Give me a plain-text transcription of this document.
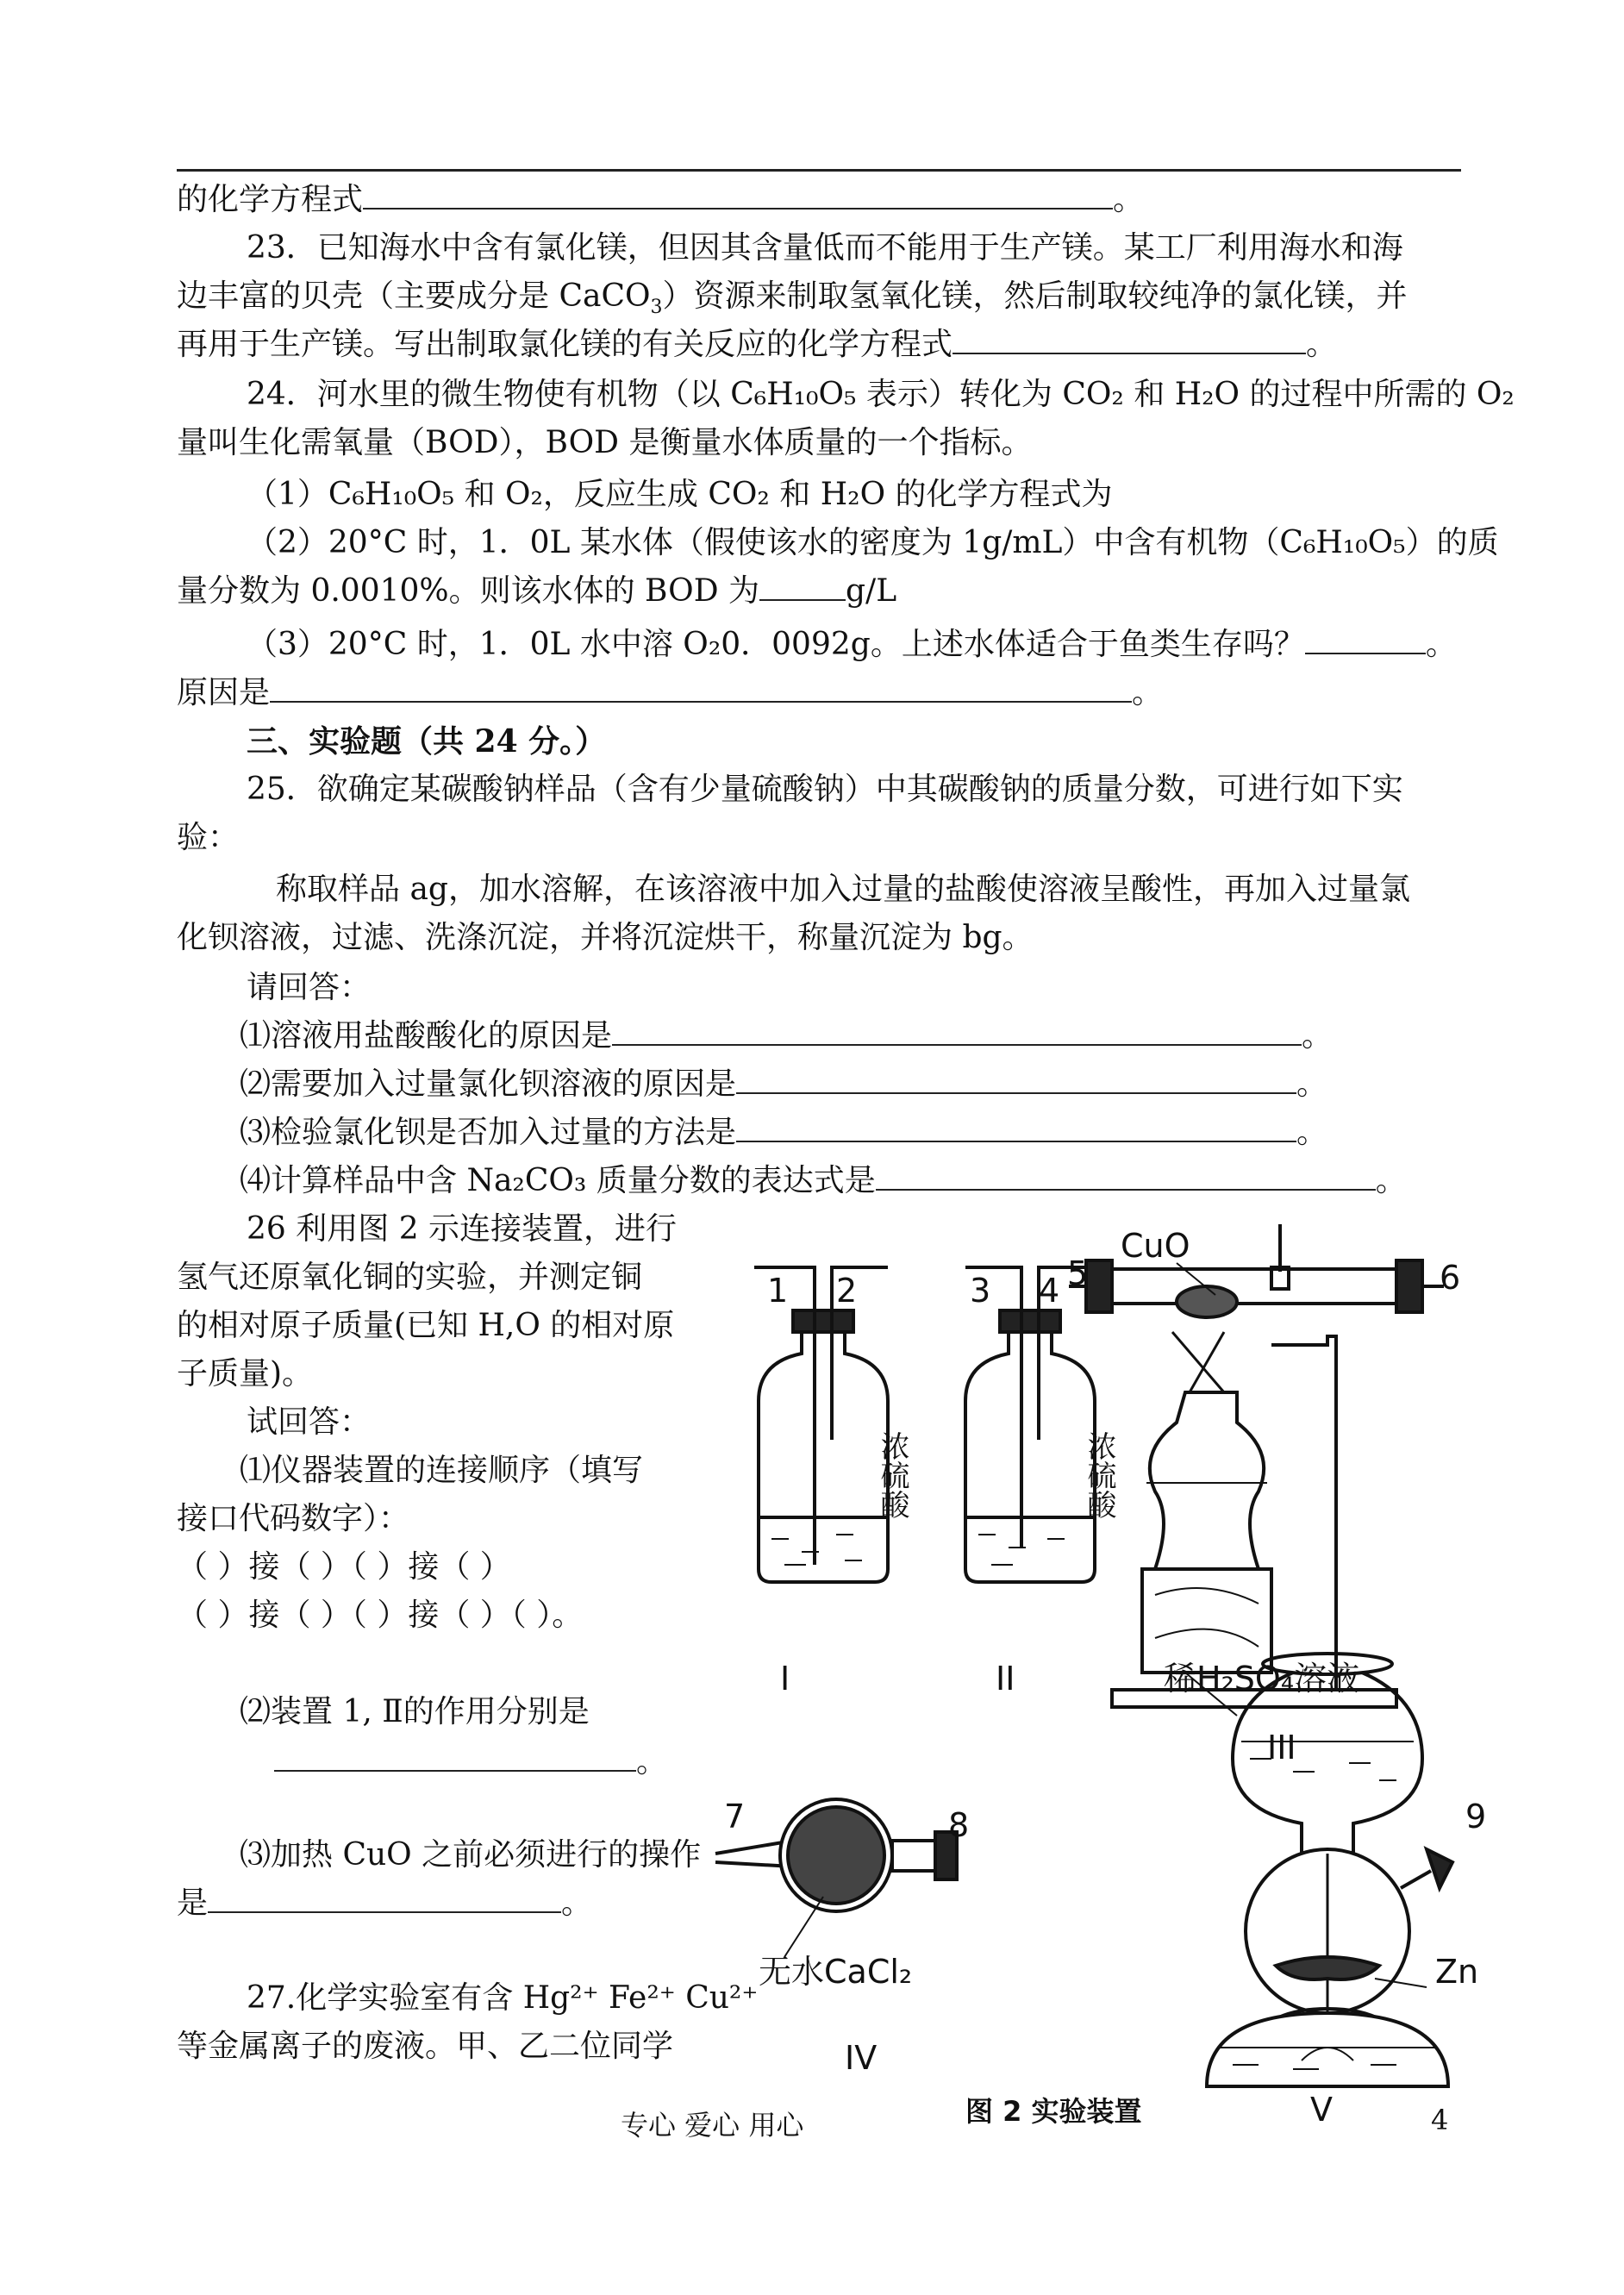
的化学方程式	。
23．已知海水中含有氯化镁，但因其含量低而不能用于生产镁。某工厂利用海水和海
边丰富的贝壳（主要成分是 CaCO$_3$）资源来制取氢氧化镁，然后制取较纯净的氯化镁，并
再用于生产镁。写出制取氯化镁的有关反应的化学方程式	。
24．河水里的微生物使有机物（以 C₆H₁₀O₅ 表示）转化为 CO₂ 和 H₂O 的过程中所需的 O₂
量叫生化需氧量（BOD），BOD 是衡量水体质量的一个指标。
（1）C₆H₁₀O₅ 和 O₂，反应生成 CO₂ 和 H₂O 的化学方程式为
（2）20°C 时，1．0L 某水体（假使该水的密度为 1g/mL）中含有机物（C₆H₁₀O₅）的质
量分数为 0.0010%。则该水体的 BOD 为	g/L
（3）20°C 时，1．0L 水中溶 O₂0．0092g。上述水体适合于鱼类生存吗？	。
原因是	。
三、实验题（共 24 分。）
25．欲确定某碳酸钠样品（含有少量硫酸钠）中其碳酸钠的质量分数，可进行如下实
验：
称取样品 ag，加水溶解，在该溶液中加入过量的盐酸使溶液呈酸性，再加入过量氯
化钡溶液，过滤、洗涤沉淀，并将沉淀烘干，称量沉淀为 bg。
请回答：
⑴溶液用盐酸酸化的原因是	。
⑵需要加入过量氯化钡溶液的原因是	。
⑶检验氯化钡是否加入过量的方法是	。
⑷计算样品中含 Na₂CO₃ 质量分数的表达式是	。
26 利用图 2 示连接装置，进行
氢气还原氧化铜的实验，并测定铜
的相对原子质量(已知 H,O 的相对原
子质量)。
试回答：
⑴仪器装置的连接顺序（填写
接口代码数字）：
（ ）接（ ）（ ）接（ ）
（ ）接（ ）（ ）接（ ）（ ）。
⑵装置 1, Ⅱ的作用分别是
。
⑶加热 CuO 之前必须进行的操作
是	。
27.化学实验室有含 Hg²⁺ Fe²⁺ Cu²⁺
等金属离子的废液。甲、乙二位同学
CuO
1 2	3 4 5	6
7	8	9
I	II
III
IV
V
稀H₂SO₄溶液
Zn
无水CaCl₂
浓硫酸	浓硫酸
图 2 实验装置
专心 爱心 用心	4
